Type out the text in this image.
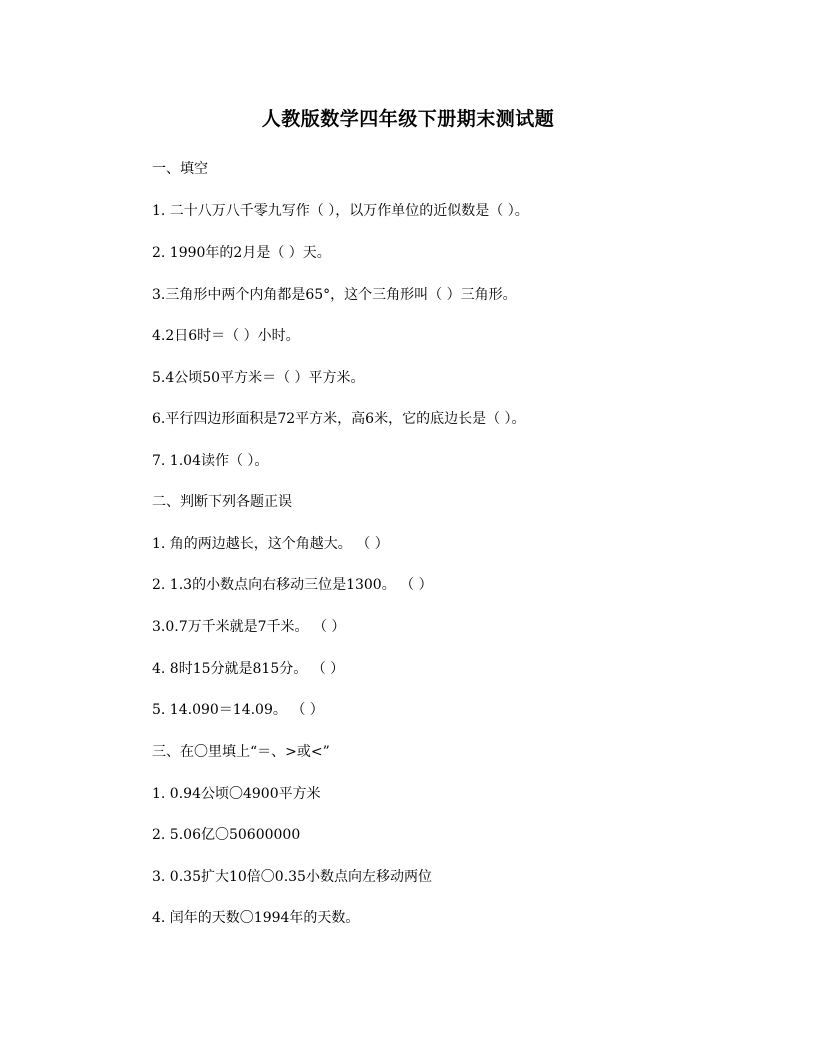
人教版数学四年级下册期末测试题
一、填空
1. 二十八万八千零九写作（ ），以万作单位的近似数是（ ）。
2. 1990年的2月是（ ）天。
3.三角形中两个内角都是65°，这个三角形叫（ ）三角形。
4.2日6时＝（ ）小时。
5.4公顷50平方米＝（ ）平方米。
6.平行四边形面积是72平方米，高6米，它的底边长是（ ）。
7. 1.04读作（ ）。
二、判断下列各题正误
1. 角的两边越长，这个角越大。 （ ）
2. 1.3的小数点向右移动三位是1300。 （ ）
3.0.7万千米就是7千米。 （ ）
4. 8时15分就是815分。 （ ）
5. 14.090＝14.09。 （ ）
三、在〇里填上“＝、>或<”
1. 0.94公顷〇4900平方米
2. 5.06亿〇50600000
3. 0.35扩大10倍〇0.35小数点向左移动两位
4. 闰年的天数〇1994年的天数。
